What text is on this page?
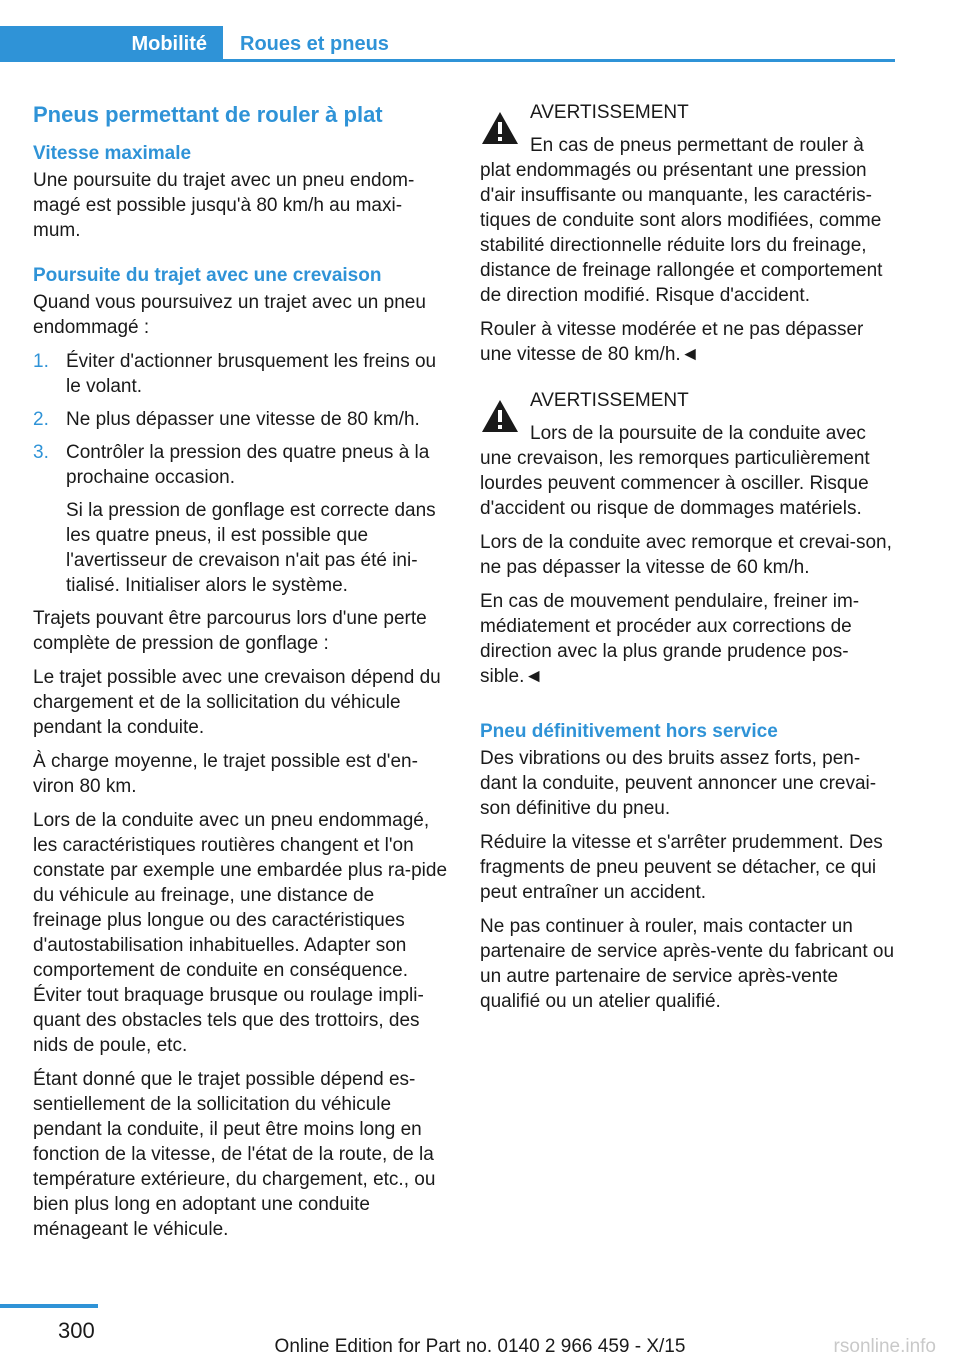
Mobilité Roues et pneus
Pneus permettant de rouler à plat
Vitesse maximale

Une poursuite du trajet avec un pneu endom‐magé est possible jusqu'à 80 km/h au maxi‐mum.

Poursuite du trajet avec une crevaison

Quand vous poursuivez un trajet avec un pneu endommagé :

1. Éviter d'actionner brusquement les freins ou le volant.
2. Ne plus dépasser une vitesse de 80 km/h.
3. Contrôler la pression des quatre pneus à la prochaine occasion.
Si la pression de gonflage est correcte dans les quatre pneus, il est possible que l'avertisseur de crevaison n'ait pas été ini‐tialisé. Initialiser alors le système.

Trajets pouvant être parcourus lors d'une perte complète de pression de gonflage :

Le trajet possible avec une crevaison dépend du chargement et de la sollicitation du véhicule pendant la conduite.

À charge moyenne, le trajet possible est d'en‐viron 80 km.

Lors de la conduite avec un pneu endommagé, les caractéristiques routières changent et l'on constate par exemple une embardée plus ra‐pide du véhicule au freinage, une distance de freinage plus longue ou des caractéristiques d'autostabilisation inhabituelles. Adapter son comportement de conduite en conséquence. Éviter tout braquage brusque ou roulage impli‐quant des obstacles tels que des trottoirs, des nids de poule, etc.

Étant donné que le trajet possible dépend es‐sentiellement de la sollicitation du véhicule pendant la conduite, il peut être moins long en fonction de la vitesse, de l'état de la route, de la température extérieure, du chargement, etc., ou bien plus long en adoptant une conduite ménageant le véhicule.

AVERTISSEMENT
En cas de pneus permettant de rouler à

plat endommagés ou présentant une pression d'air insuffisante ou manquante, les caractéris‐tiques de conduite sont alors modifiées, comme stabilité directionnelle réduite lors du freinage, distance de freinage rallongée et comportement de direction modifié. Risque d'accident.

Rouler à vitesse modérée et ne pas dépasser une vitesse de 80 km/h.◄

AVERTISSEMENT
Lors de la poursuite de la conduite avec

une crevaison, les remorques particulièrement lourdes peuvent commencer à osciller. Risque d'accident ou risque de dommages matériels.

Lors de la conduite avec remorque et crevai‐son, ne pas dépasser la vitesse de 60 km/h.

En cas de mouvement pendulaire, freiner im‐médiatement et procéder aux corrections de direction avec la plus grande prudence pos‐sible.◄

Pneu définitivement hors service

Des vibrations ou des bruits assez forts, pen‐dant la conduite, peuvent annoncer une crevai‐son définitive du pneu.

Réduire la vitesse et s'arrêter prudemment. Des fragments de pneu peuvent se détacher, ce qui peut entraîner un accident.

Ne pas continuer à rouler, mais contacter un partenaire de service après-vente du fabricant ou un autre partenaire de service après-vente qualifié ou un atelier qualifié.

300
Online Edition for Part no. 0140 2 966 459 - X/15	rsonline.info
